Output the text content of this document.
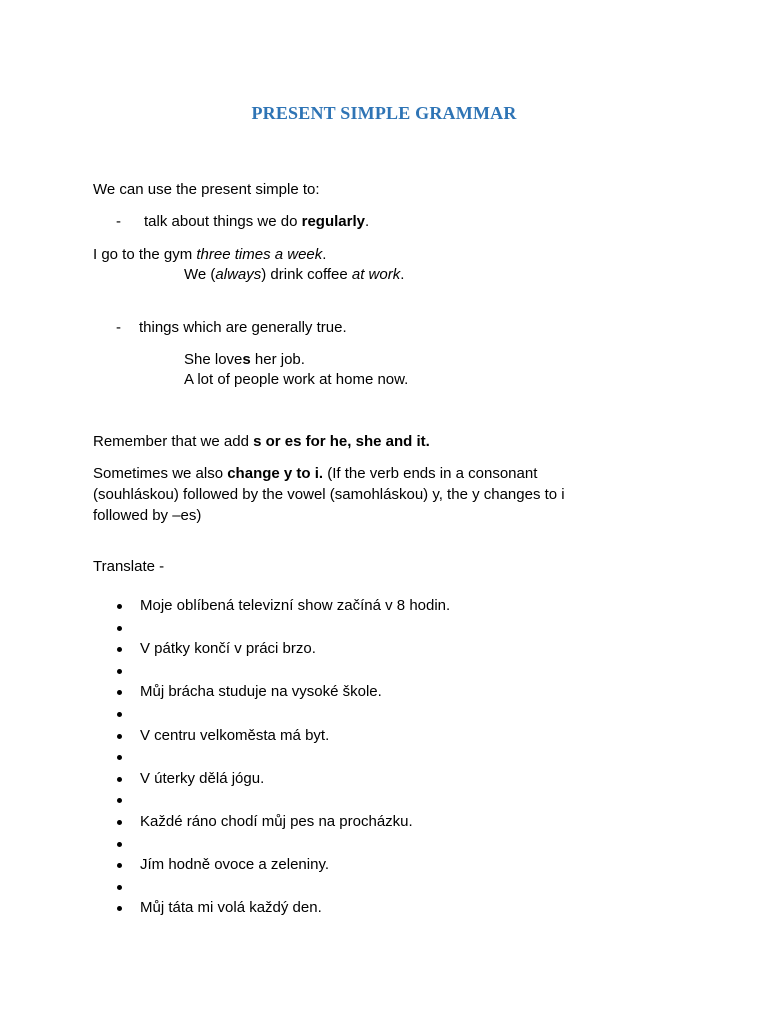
PRESENT SIMPLE GRAMMAR
We can use the present simple to:
- talk about things we do regularly.
I go to the gym three times a week.
We (always) drink coffee at work.
- things which are generally true.
She loves her job.
A lot of people work at home now.
Remember that we add s or es for he, she and it.
Sometimes we also change y to i. (If the verb ends in a consonant
(souhláskou) followed by the vowel (samohláskou) y, the y changes to i
followed by –es)
Translate -
Moje oblíbená televizní show začíná v 8 hodin.
V pátky končí v práci brzo.
Můj brácha studuje na vysoké škole.
V centru velkoměsta má byt.
V úterky dělá jógu.
Každé ráno chodí můj pes na procházku.
Jím hodně ovoce a zeleniny.
Můj táta mi volá každý den.
